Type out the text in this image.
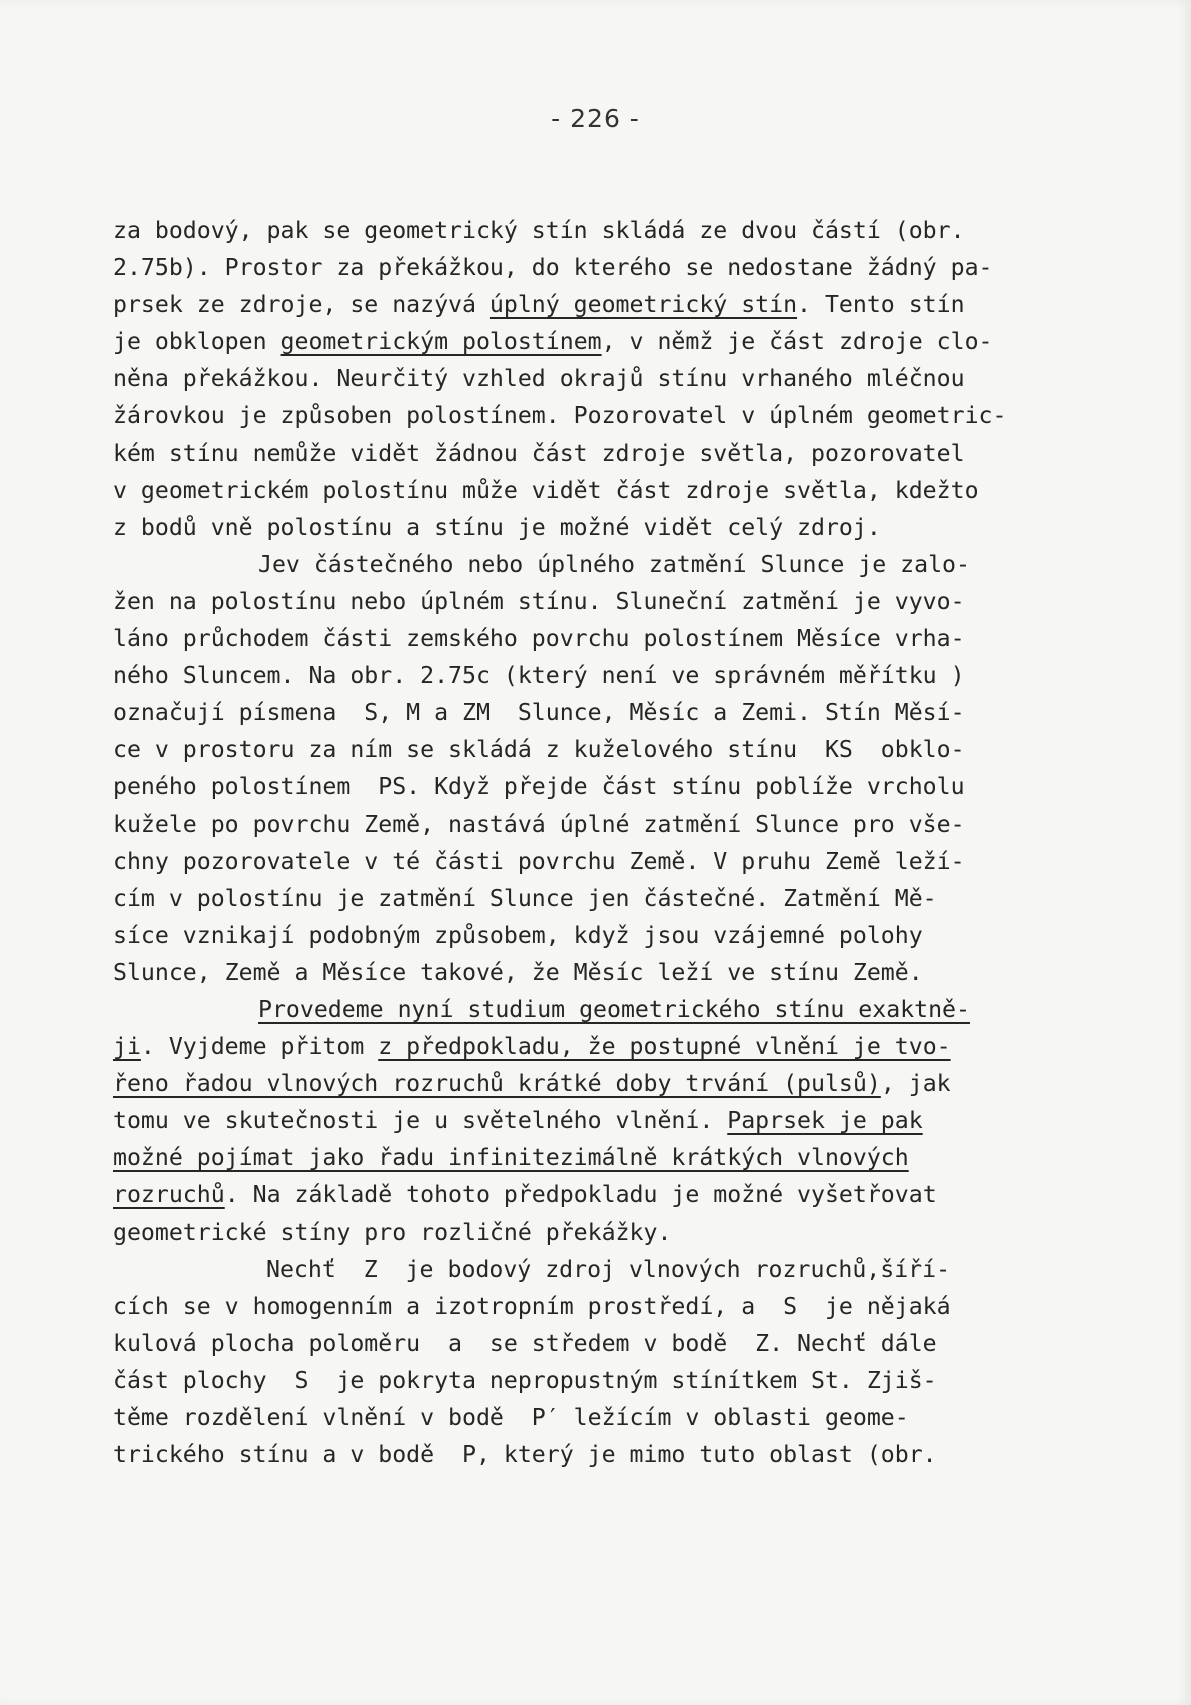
- 226 -

za bodový, pak se geometrický stín skládá ze dvou částí (obr.
2.75b). Prostor za překážkou, do kterého se nedostane žádný pa-
prsek ze zdroje, se nazývá úplný geometrický stín. Tento stín
je obklopen geometrickým polostínem, v němž je část zdroje clo-
něna překážkou. Neurčitý vzhled okrajů stínu vrhaného mléčnou
žárovkou je způsoben polostínem. Pozorovatel v úplném geometric-
kém stínu nemůže vidět žádnou část zdroje světla, pozorovatel
v geometrickém polostínu může vidět část zdroje světla, kdežto
z bodů vně polostínu a stínu je možné vidět celý zdroj.

Jev částečného nebo úplného zatmění Slunce je zalo-
žen na polostínu nebo úplném stínu. Sluneční zatmění je vyvo-
láno průchodem části zemského povrchu polostínem Měsíce vrha-
ného Sluncem. Na obr. 2.75c (který není ve správném měřítku )
označují písmena  S, M a ZM  Slunce, Měsíc a Zemi. Stín Měsí-
ce v prostoru za ním se skládá z kuželového stínu  KS  obklo-
peného polostínem  PS. Když přejde část stínu poblíže vrcholu
kužele po povrchu Země, nastává úplné zatmění Slunce pro vše-
chny pozorovatele v té části povrchu Země. V pruhu Země leží-
cím v polostínu je zatmění Slunce jen částečné. Zatmění Mě-
síce vznikají podobným způsobem, když jsou vzájemné polohy
Slunce, Země a Měsíce takové, že Měsíc leží ve stínu Země.

Provedeme nyní studium geometrického stínu exaktně-
ji. Vyjdeme přitom z předpokladu, že postupné vlnění je tvo-
řeno řadou vlnových rozruchů krátké doby trvání (pulsů), jak
tomu ve skutečnosti je u světelného vlnění. Paprsek je pak
možné pojímat jako řadu infinitezimálně krátkých vlnových
rozruchů. Na základě tohoto předpokladu je možné vyšetřovat
geometrické stíny pro rozličné překážky.

Nechť  Z  je bodový zdroj vlnových rozruchů,šíří-
cích se v homogenním a izotropním prostředí, a  S  je nějaká
kulová plocha poloměru  a  se středem v bodě  Z. Nechť dále
část plochy  S  je pokryta nepropustným stínítkem St. Zjiš-
těme rozdělení vlnění v bodě  P′ ležícím v oblasti geome-
trického stínu a v bodě  P, který je mimo tuto oblast (obr.
